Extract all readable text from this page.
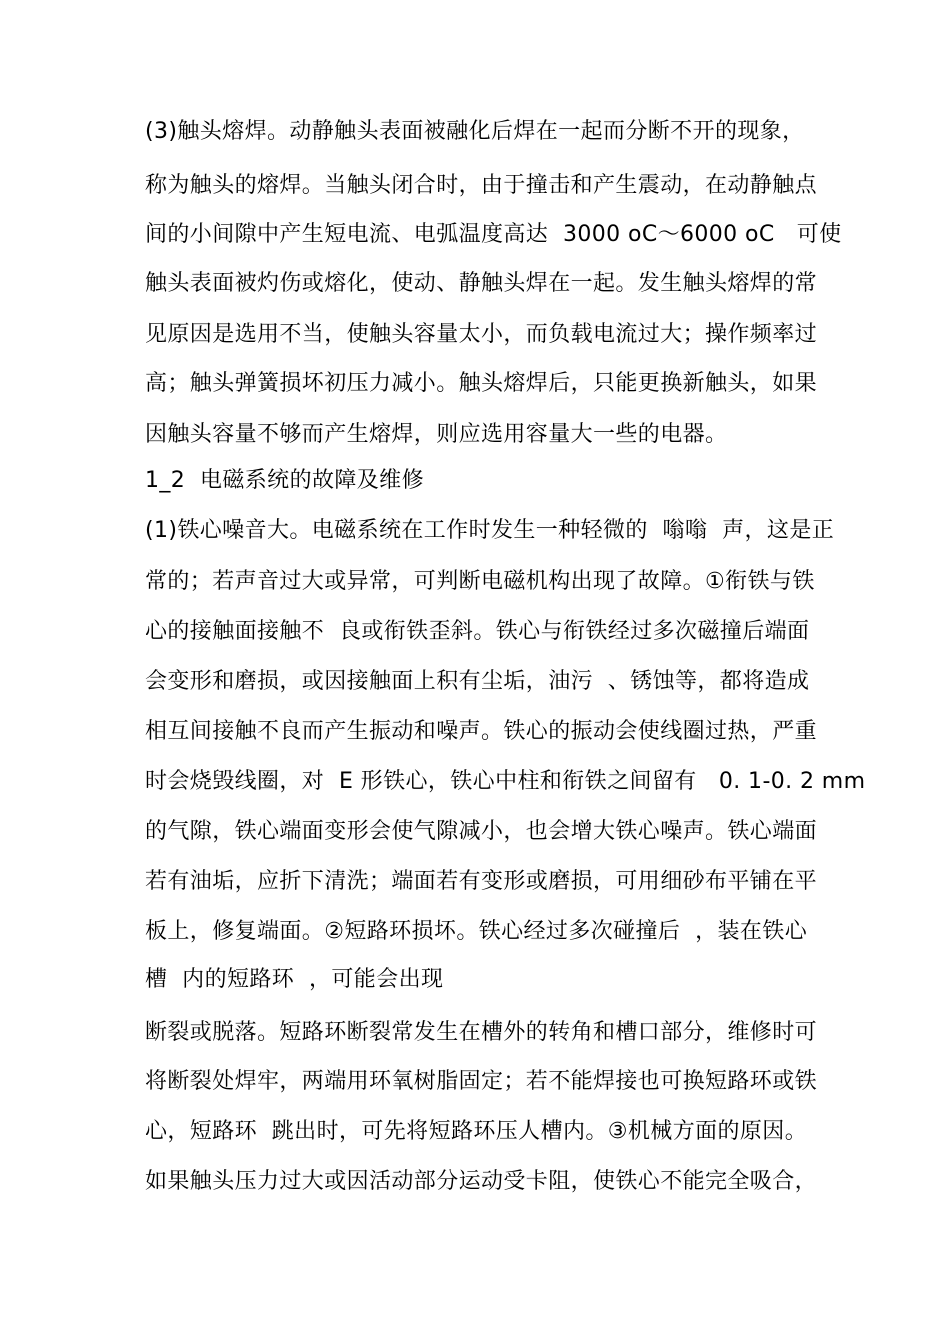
(3)触头熔焊。动静触头表面被融化后焊在一起而分断不开的现象，
称为触头的熔焊。当触头闭合时，由于撞击和产生震动，在动静触点
间的小间隙中产生短电流、电弧温度高达  3000 oC～6000 oC   可使
触头表面被灼伤或熔化，使动、静触头焊在一起。发生触头熔焊的常
见原因是选用不当，使触头容量太小，而负载电流过大；操作频率过
高；触头弹簧损坏初压力减小。触头熔焊后，只能更换新触头，如果
因触头容量不够而产生熔焊，则应选用容量大一些的电器。
1_2  电磁系统的故障及维修
(1)铁心噪音大。电磁系统在工作时发生一种轻微的  嗡嗡  声，这是正
常的；若声音过大或异常，可判断电磁机构出现了故障。①衔铁与铁
心的接触面接触不  良或衔铁歪斜。铁心与衔铁经过多次磁撞后端面
会变形和磨损，或因接触面上积有尘垢，油污  、锈蚀等，都将造成
相互间接触不良而产生振动和噪声。铁心的振动会使线圈过热，严重
时会烧毁线圈，对  E 形铁心，铁心中柱和衔铁之间留有   0. 1-0. 2 mm
的气隙，铁心端面变形会使气隙减小，也会增大铁心噪声。铁心端面
若有油垢，应折下清洗；端面若有变形或磨损，可用细砂布平铺在平
板上，修复端面。②短路环损坏。铁心经过多次碰撞后  ，装在铁心
槽  内的短路环  ，可能会出现
断裂或脱落。短路环断裂常发生在槽外的转角和槽口部分，维修时可
将断裂处焊牢，两端用环氧树脂固定；若不能焊接也可换短路环或铁
心，短路环  跳出时，可先将短路环压人槽内。③机械方面的原因。
如果触头压力过大或因活动部分运动受卡阻，使铁心不能完全吸合，
